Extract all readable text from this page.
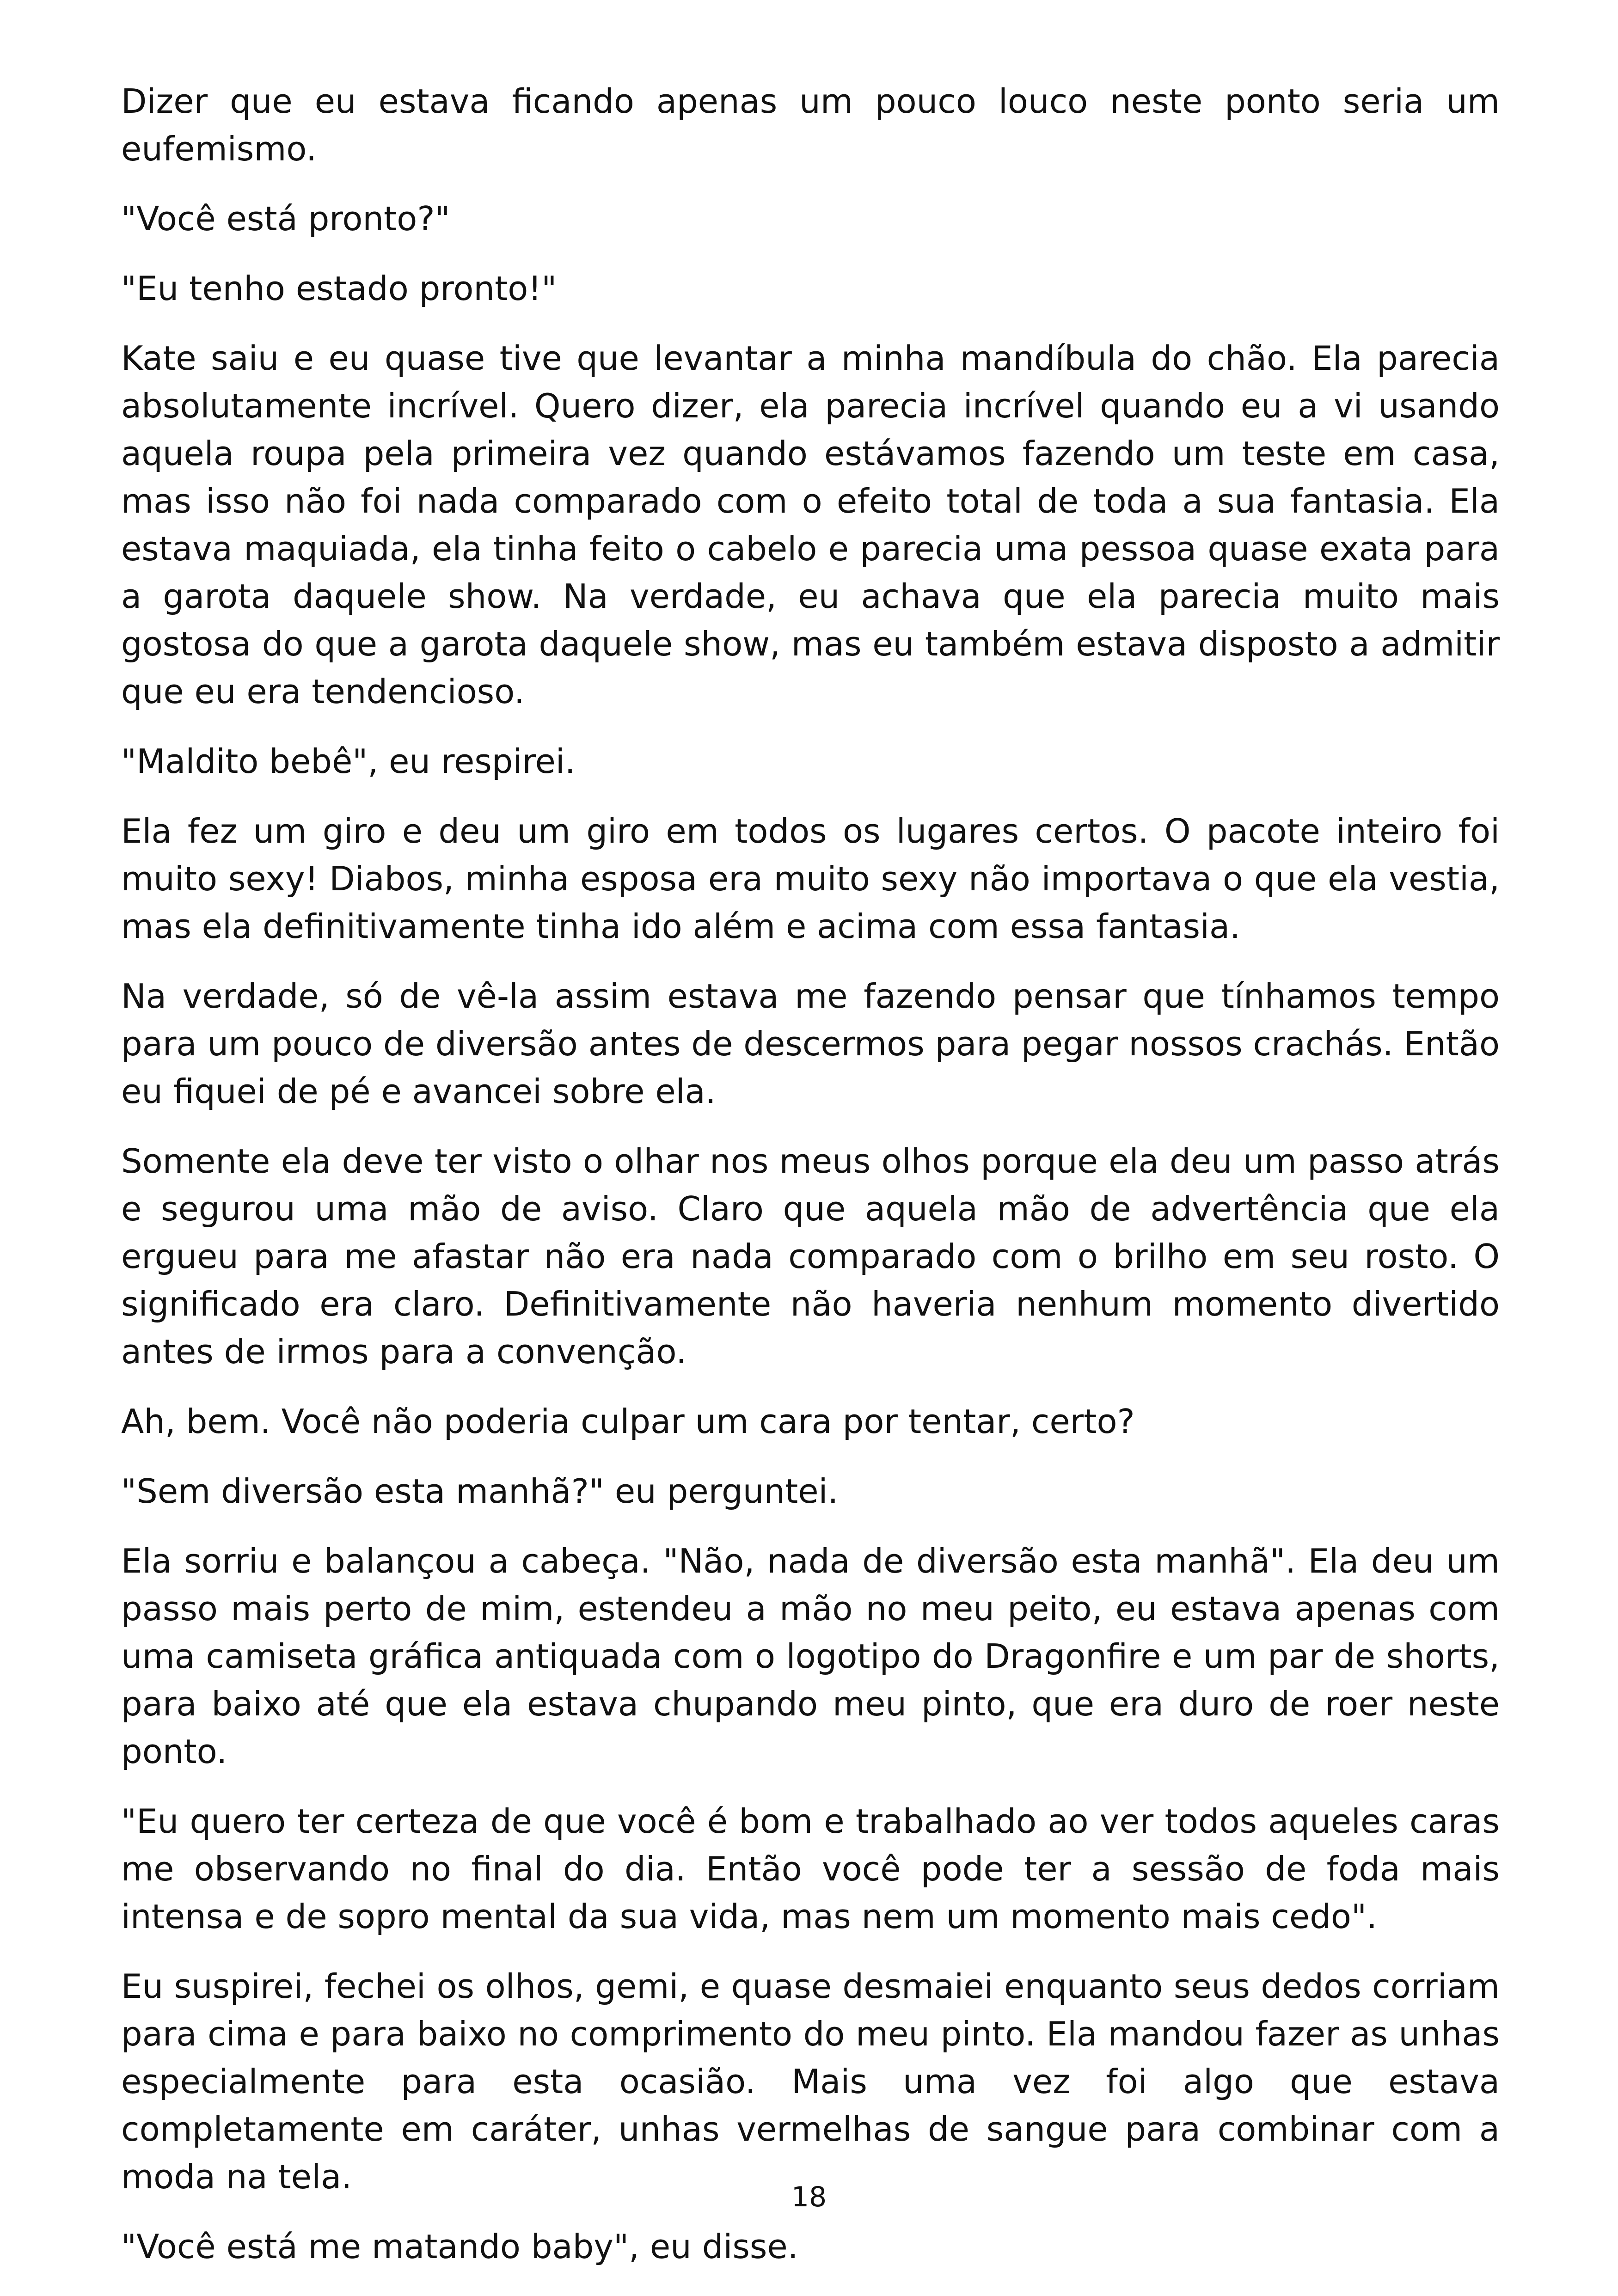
Dizer que eu estava ficando apenas um pouco louco neste ponto seria um eufemismo.

"Você está pronto?"

"Eu tenho estado pronto!"

Kate saiu e eu quase tive que levantar a minha mandíbula do chão. Ela parecia absolutamente incrível. Quero dizer, ela parecia incrível quando eu a vi usando aquela roupa pela primeira vez quando estávamos fazendo um teste em casa, mas isso não foi nada comparado com o efeito total de toda a sua fantasia. Ela estava maquiada, ela tinha feito o cabelo e parecia uma pessoa quase exata para a garota daquele show. Na verdade, eu achava que ela parecia muito mais gostosa do que a garota daquele show, mas eu também estava disposto a admitir que eu era tendencioso.

"Maldito bebê", eu respirei.

Ela fez um giro e deu um giro em todos os lugares certos. O pacote inteiro foi muito sexy! Diabos, minha esposa era muito sexy não importava o que ela vestia, mas ela definitivamente tinha ido além e acima com essa fantasia.

Na verdade, só de vê-la assim estava me fazendo pensar que tínhamos tempo para um pouco de diversão antes de descermos para pegar nossos crachás. Então eu fiquei de pé e avancei sobre ela.

Somente ela deve ter visto o olhar nos meus olhos porque ela deu um passo atrás e segurou uma mão de aviso. Claro que aquela mão de advertência que ela ergueu para me afastar não era nada comparado com o brilho em seu rosto. O significado era claro. Definitivamente não haveria nenhum momento divertido antes de irmos para a convenção.

Ah, bem. Você não poderia culpar um cara por tentar, certo?

"Sem diversão esta manhã?" eu perguntei.

Ela sorriu e balançou a cabeça. "Não, nada de diversão esta manhã". Ela deu um passo mais perto de mim, estendeu a mão no meu peito, eu estava apenas com uma camiseta gráfica antiquada com o logotipo do Dragonfire e um par de shorts, para baixo até que ela estava chupando meu pinto, que era duro de roer neste ponto.

"Eu quero ter certeza de que você é bom e trabalhado ao ver todos aqueles caras me observando no final do dia. Então você pode ter a sessão de foda mais intensa e de sopro mental da sua vida, mas nem um momento mais cedo".

Eu suspirei, fechei os olhos, gemi, e quase desmaiei enquanto seus dedos corriam para cima e para baixo no comprimento do meu pinto. Ela mandou fazer as unhas especialmente para esta ocasião. Mais uma vez foi algo que estava completamente em caráter, unhas vermelhas de sangue para combinar com a moda na tela.

"Você está me matando baby", eu disse.

18
